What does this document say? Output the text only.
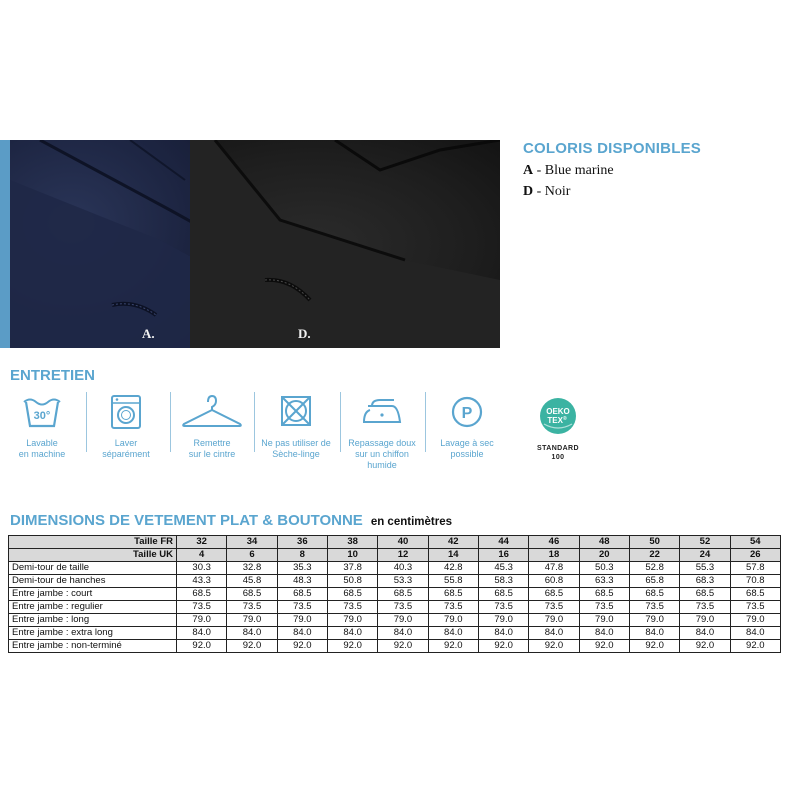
A.	D.

COLORIS DISPONIBLES

A - Blue marine

D - Noir

ENTRETIEN
30°
Lavable
en machine
Laver
séparément
Remettre
sur le cintre
Ne pas utiliser de
Sèche-linge
Repassage doux
sur un chiffon
humide
P
Lavage à sec
possible
OEKO
TEX®
STANDARD
100
DIMENSIONS DE VETEMENT PLAT & BOUTONNE en centimètres
Taille FR	32	34	36	38	40	42	44	46	48	50	52	54
Taille UK	4	6	8	10	12	14	16	18	20	22	24	26
Demi-tour de taille	30.3	32.8	35.3	37.8	40.3	42.8	45.3	47.8	50.3	52.8	55.3	57.8
Demi-tour de hanches	43.3	45.8	48.3	50.8	53.3	55.8	58.3	60.8	63.3	65.8	68.3	70.8
Entre jambe : court	68.5	68.5	68.5	68.5	68.5	68.5	68.5	68.5	68.5	68.5	68.5	68.5
Entre jambe : regulier	73.5	73.5	73.5	73.5	73.5	73.5	73.5	73.5	73.5	73.5	73.5	73.5
Entre jambe : long	79.0	79.0	79.0	79.0	79.0	79.0	79.0	79.0	79.0	79.0	79.0	79.0
Entre jambe : extra long	84.0	84.0	84.0	84.0	84.0	84.0	84.0	84.0	84.0	84.0	84.0	84.0
Entre jambe : non-terminé	92.0	92.0	92.0	92.0	92.0	92.0	92.0	92.0	92.0	92.0	92.0	92.0
